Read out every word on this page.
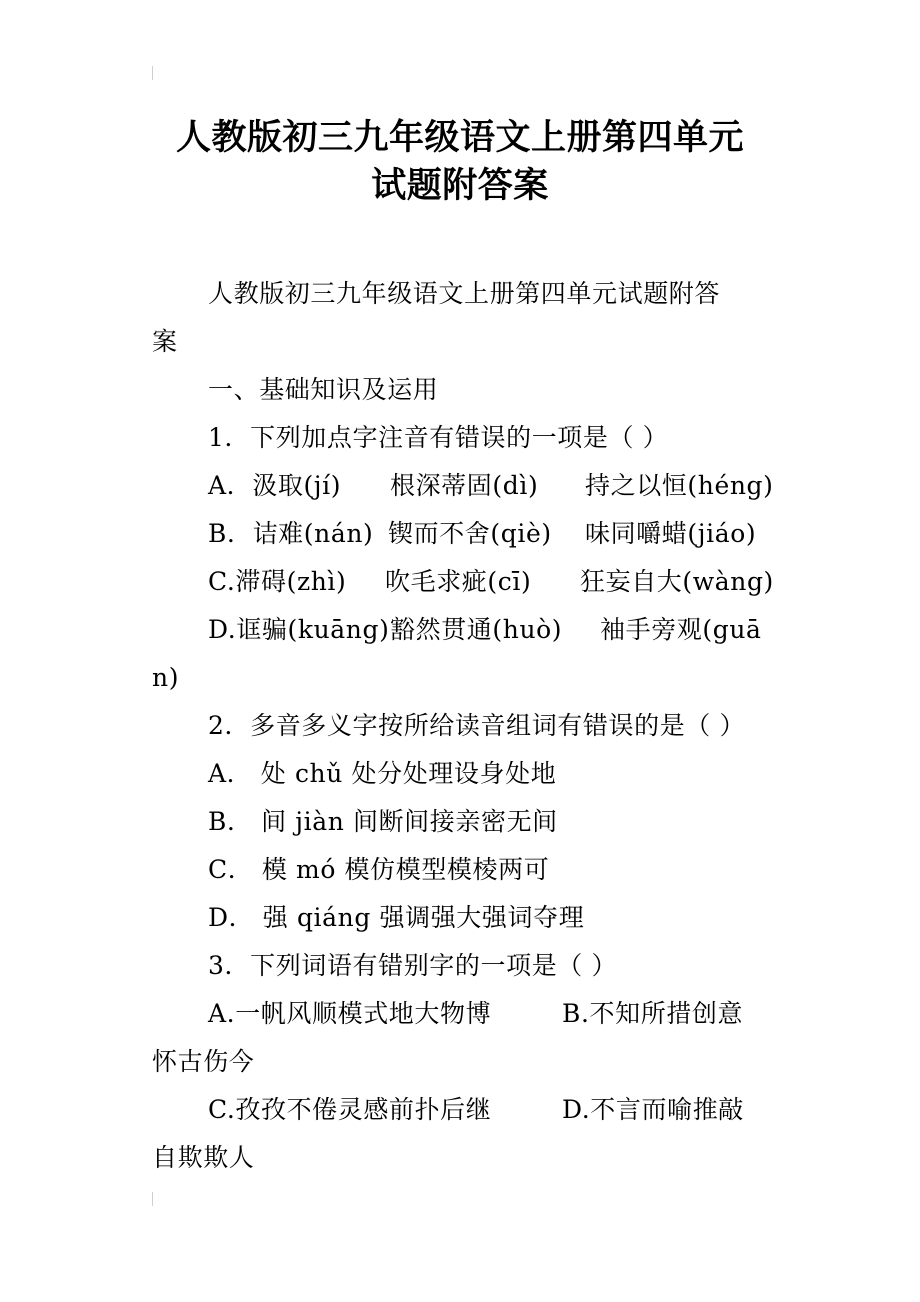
人教版初三九年级语文上册第四单元
试题附答案
人教版初三九年级语文上册第四单元试题附答
案
一、基础知识及运用
1．下列加点字注音有错误的一项是（ ）
A．汲取(jí) 根深蒂固(dì) 持之以恒(héng)
B．诘难(nán) 锲而不舍(qiè) 味同嚼蜡(jiáo)
C.滞碍(zhì) 吹毛求疵(cī) 狂妄自大(wàng)
D.诓骗(kuāng) 豁然贯通(huò) 袖手旁观(guā
n)
2．多音多义字按所给读音组词有错误的是（ ）
A． 处 chǔ 处分处理设身处地
B． 间 jiàn 间断间接亲密无间
C． 模 mó 模仿模型模棱两可
D． 强 qiáng 强调强大强词夺理
3．下列词语有错别字的一项是（ ）
A.一帆风顺模式地大物博	B.不知所措创意
怀古伤今
C.孜孜不倦灵感前扑后继	D.不言而喻推敲
自欺欺人
